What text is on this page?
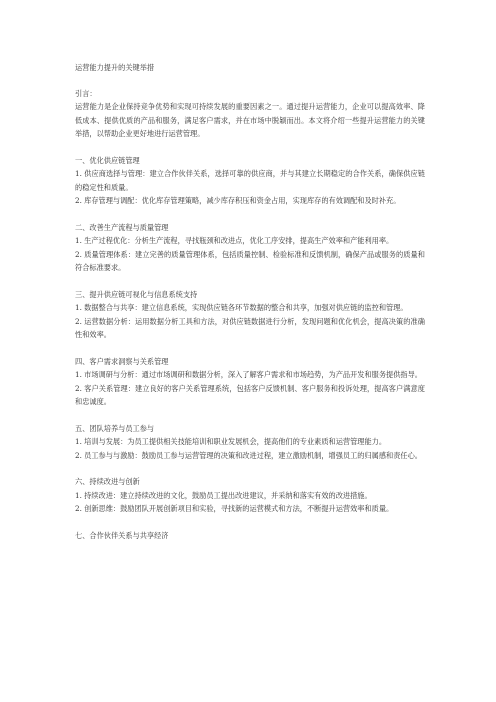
运营能力提升的关键举措
引言：
运营能力是企业保持竞争优势和实现可持续发展的重要因素之一。通过提升运营能力，企业可以提高效率、降低成本、提供优质的产品和服务，满足客户需求，并在市场中脱颖而出。本文将介绍一些提升运营能力的关键举措，以帮助企业更好地进行运营管理。
一、优化供应链管理
1. 供应商选择与管理：建立合作伙伴关系，选择可靠的供应商，并与其建立长期稳定的合作关系，确保供应链的稳定性和质量。
2. 库存管理与调配：优化库存管理策略，减少库存积压和资金占用，实现库存的有效调配和及时补充。
二、改善生产流程与质量管理
1. 生产过程优化：分析生产流程，寻找瓶颈和改进点，优化工序安排，提高生产效率和产能利用率。
2. 质量管理体系：建立完善的质量管理体系，包括质量控制、检验标准和反馈机制，确保产品或服务的质量和符合标准要求。
三、提升供应链可视化与信息系统支持
1. 数据整合与共享：建立信息系统，实现供应链各环节数据的整合和共享，加强对供应链的监控和管理。
2. 运营数据分析：运用数据分析工具和方法，对供应链数据进行分析，发现问题和优化机会，提高决策的准确性和效率。
四、客户需求洞察与关系管理
1. 市场调研与分析：通过市场调研和数据分析，深入了解客户需求和市场趋势，为产品开发和服务提供指导。
2. 客户关系管理：建立良好的客户关系管理系统，包括客户反馈机制、客户服务和投诉处理，提高客户满意度和忠诚度。
五、团队培养与员工参与
1. 培训与发展：为员工提供相关技能培训和职业发展机会，提高他们的专业素质和运营管理能力。
2. 员工参与与激励：鼓励员工参与运营管理的决策和改进过程，建立激励机制，增强员工的归属感和责任心。
六、持续改进与创新
1. 持续改进：建立持续改进的文化，鼓励员工提出改进建议，并采纳和落实有效的改进措施。
2. 创新思维：鼓励团队开展创新项目和实验，寻找新的运营模式和方法，不断提升运营效率和质量。
七、合作伙伴关系与共享经济
